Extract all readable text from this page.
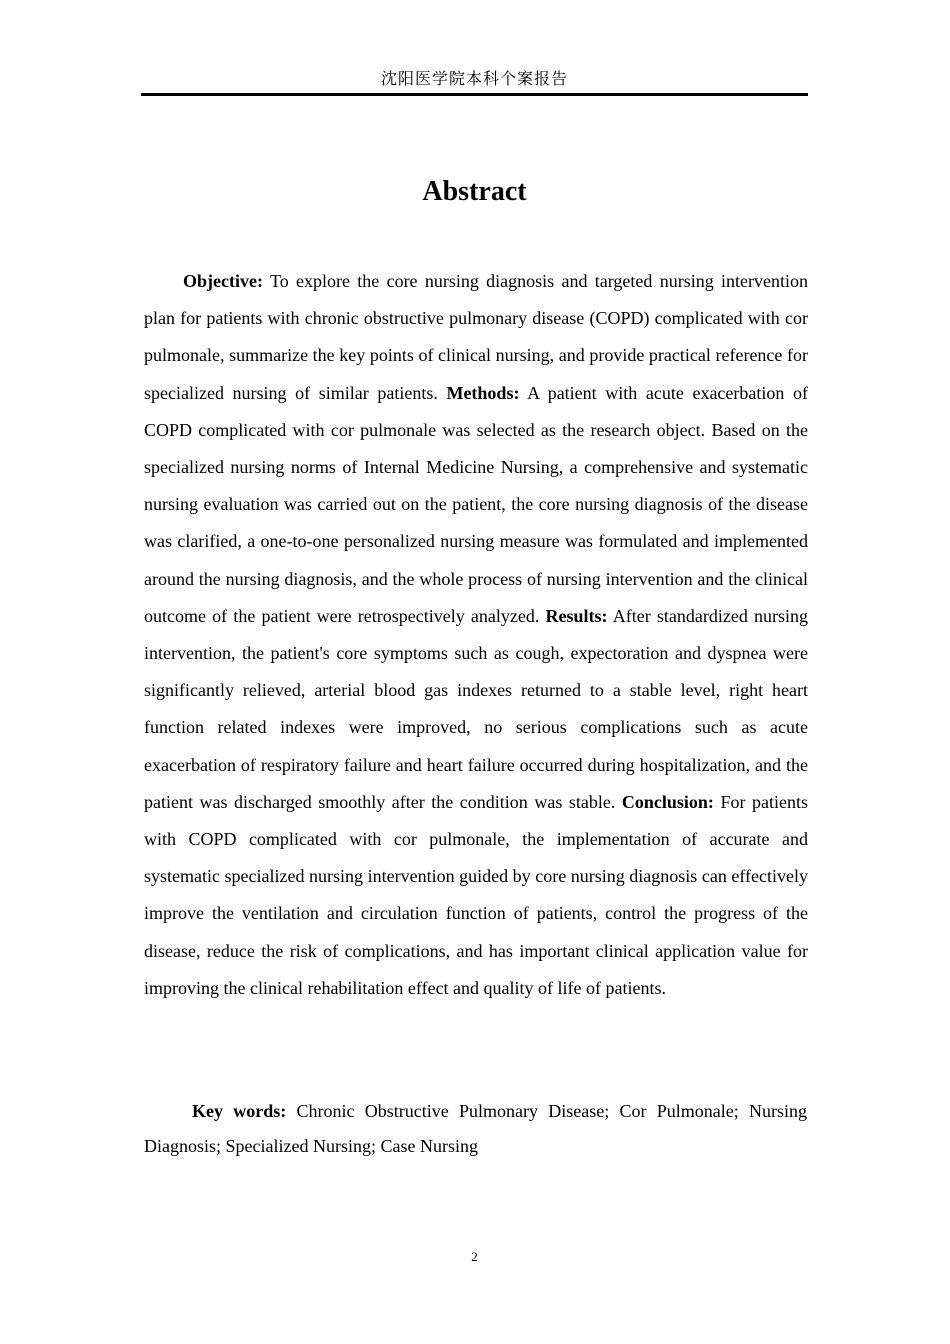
沈阳医学院本科个案报告
Abstract

Objective: To explore the core nursing diagnosis and targeted nursing intervention plan for patients with chronic obstructive pulmonary disease (COPD) complicated with cor pulmonale, summarize the key points of clinical nursing, and provide practical reference for specialized nursing of similar patients. Methods: A patient with acute exacerbation of COPD complicated with cor pulmonale was selected as the research object. Based on the specialized nursing norms of Internal Medicine Nursing, a comprehensive and systematic nursing evaluation was carried out on the patient, the core nursing diagnosis of the disease was clarified, a one-to-one personalized nursing measure was formulated and implemented around the nursing diagnosis, and the whole process of nursing intervention and the clinical outcome of the patient were retrospectively analyzed. Results: After standardized nursing intervention, the patient's core symptoms such as cough, expectoration and dyspnea were significantly relieved, arterial blood gas indexes returned to a stable level, right heart function related indexes were improved, no serious complications such as acute exacerbation of respiratory failure and heart failure occurred during hospitalization, and the patient was discharged smoothly after the condition was stable. Conclusion: For patients with COPD complicated with cor pulmonale, the implementation of accurate and systematic specialized nursing intervention guided by core nursing diagnosis can effectively improve the ventilation and circulation function of patients, control the progress of the disease, reduce the risk of complications, and has important clinical application value for improving the clinical rehabilitation effect and quality of life of patients.

Key words: Chronic Obstructive Pulmonary Disease; Cor Pulmonale; Nursing Diagnosis; Specialized Nursing; Case Nursing

2
